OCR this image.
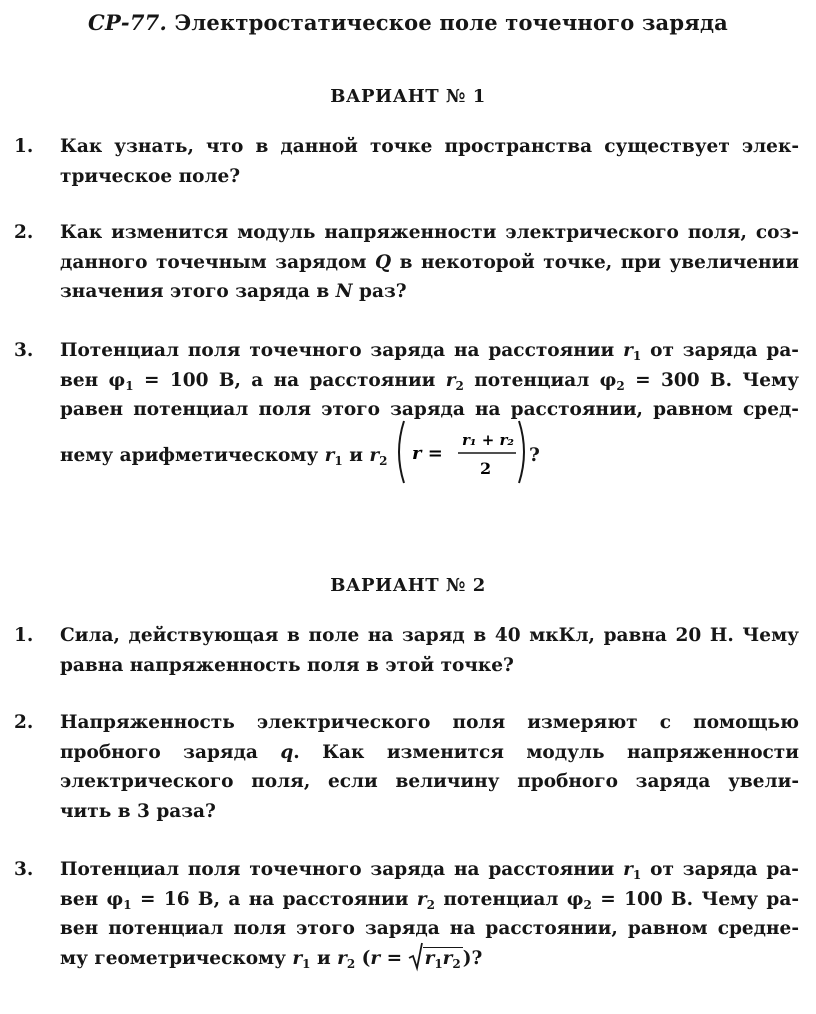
СР-77. Электростатическое поле точечного заряда
ВАРИАНТ № 1
1.	Как узнать, что в данной точке пространства существует элек-
трическое поле?
2.	Как изменится модуль напряженности электрического поля, соз-
данного точечным зарядом Q в некоторой точке, при увеличении
значения этого заряда в N раз?
3.	Потенциал поля точечного заряда на расстоянии $r_1$ от заряда ра-
вен $\varphi_1 = 100$ В, а на расстоянии $r_2$ потенциал $\varphi_2 = 300$ В. Чему
равен потенциал поля этого заряда на расстоянии, равном сред-
нему арифметическому $r_1$ и $r_2$ r =
r₁ + r₂
2
?
ВАРИАНТ № 2
1.	Сила, действующая в поле на заряд в 40 мкКл, равна 20 Н. Чему
равна напряженность поля в этой точке?
2.	Напряженность электрического поля измеряют с помощью
пробного заряда q. Как изменится модуль напряженности
электрического поля, если величину пробного заряда увели-
чить в 3 раза?
3.	Потенциал поля точечного заряда на расстоянии $r_1$ от заряда ра-
вен $\varphi_1 = 16$ В, а на расстоянии $r_2$ потенциал $\varphi_2 = 100$ В. Чему ра-
вен потенциал поля этого заряда на расстоянии, равном средне-
му геометрическому $r_1$ и $r_2$ (r =
$r_1r_2$ )?
